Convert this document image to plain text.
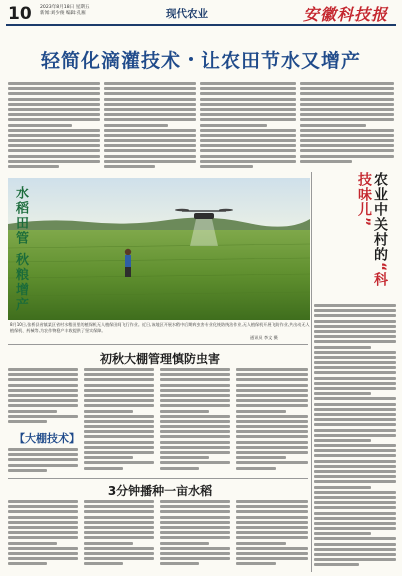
10 2023年8月18日 星期五
新闻:刘少俊 编辑:孔雁	现代农业	安徽科技报
轻简化滴灌技术 让农田节水又增产
水稻田管 秋粮增产
8月10日,张桥县省镇某区省村水稻田里的植保机无人植保田间飞行作业。近日,该地区开展水稻中后期病虫害专业化统防统治作业,无人植保机开展飞防作业,共出动无人植保机、药械等,为农作物稳产丰收提供了坚实保障。
通讯员 李文 摄
农业中关村的“科技味儿”
初秋大棚管理慎防虫害
【大棚技术】
3分钟播种一亩水稻
